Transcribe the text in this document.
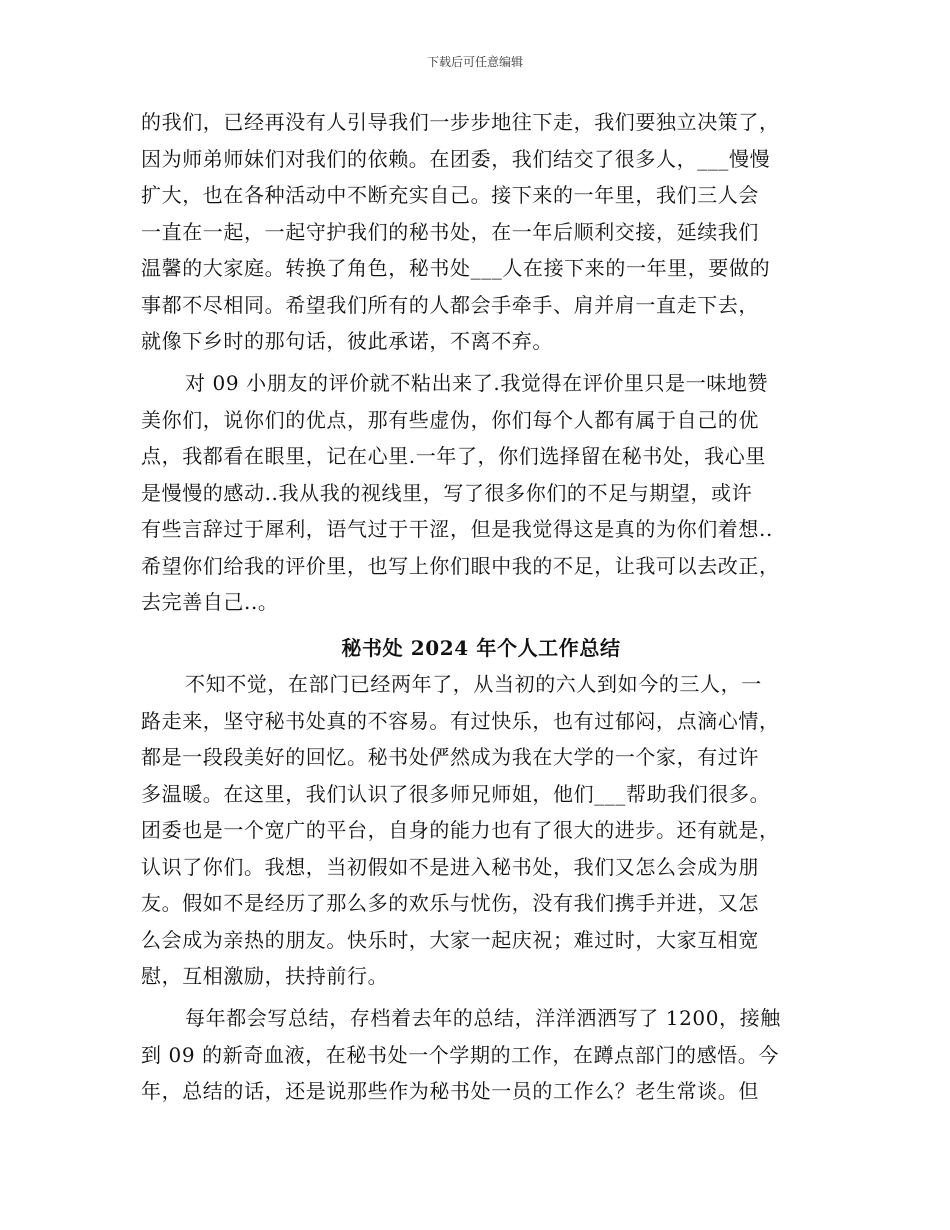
下载后可任意编辑
的我们，已经再没有人引导我们一步步地往下走，我们要独立决策了，
因为师弟师妹们对我们的依赖。在团委，我们结交了很多人，___慢慢
扩大，也在各种活动中不断充实自己。接下来的一年里，我们三人会
一直在一起，一起守护我们的秘书处，在一年后顺利交接，延续我们
温馨的大家庭。转换了角色，秘书处___人在接下来的一年里，要做的
事都不尽相同。希望我们所有的人都会手牵手、肩并肩一直走下去，
就像下乡时的那句话，彼此承诺，不离不弃。
对 09 小朋友的评价就不粘出来了.我觉得在评价里只是一味地赞
美你们，说你们的优点，那有些虚伪，你们每个人都有属于自己的优
点，我都看在眼里，记在心里.一年了，你们选择留在秘书处，我心里
是慢慢的感动..我从我的视线里，写了很多你们的不足与期望，或许
有些言辞过于犀利，语气过于干涩，但是我觉得这是真的为你们着想..
希望你们给我的评价里，也写上你们眼中我的不足，让我可以去改正，
去完善自己..。
秘书处 2024 年个人工作总结
不知不觉，在部门已经两年了，从当初的六人到如今的三人，一
路走来，坚守秘书处真的不容易。有过快乐，也有过郁闷，点滴心情，
都是一段段美好的回忆。秘书处俨然成为我在大学的一个家，有过许
多温暖。在这里，我们认识了很多师兄师姐，他们___帮助我们很多。
团委也是一个宽广的平台，自身的能力也有了很大的进步。还有就是，
认识了你们。我想，当初假如不是进入秘书处，我们又怎么会成为朋
友。假如不是经历了那么多的欢乐与忧伤，没有我们携手并进，又怎
么会成为亲热的朋友。快乐时，大家一起庆祝；难过时，大家互相宽
慰，互相激励，扶持前行。
每年都会写总结，存档着去年的总结，洋洋洒洒写了 1200，接触
到 09 的新奇血液，在秘书处一个学期的工作，在蹲点部门的感悟。今
年，总结的话，还是说那些作为秘书处一员的工作么？老生常谈。但
